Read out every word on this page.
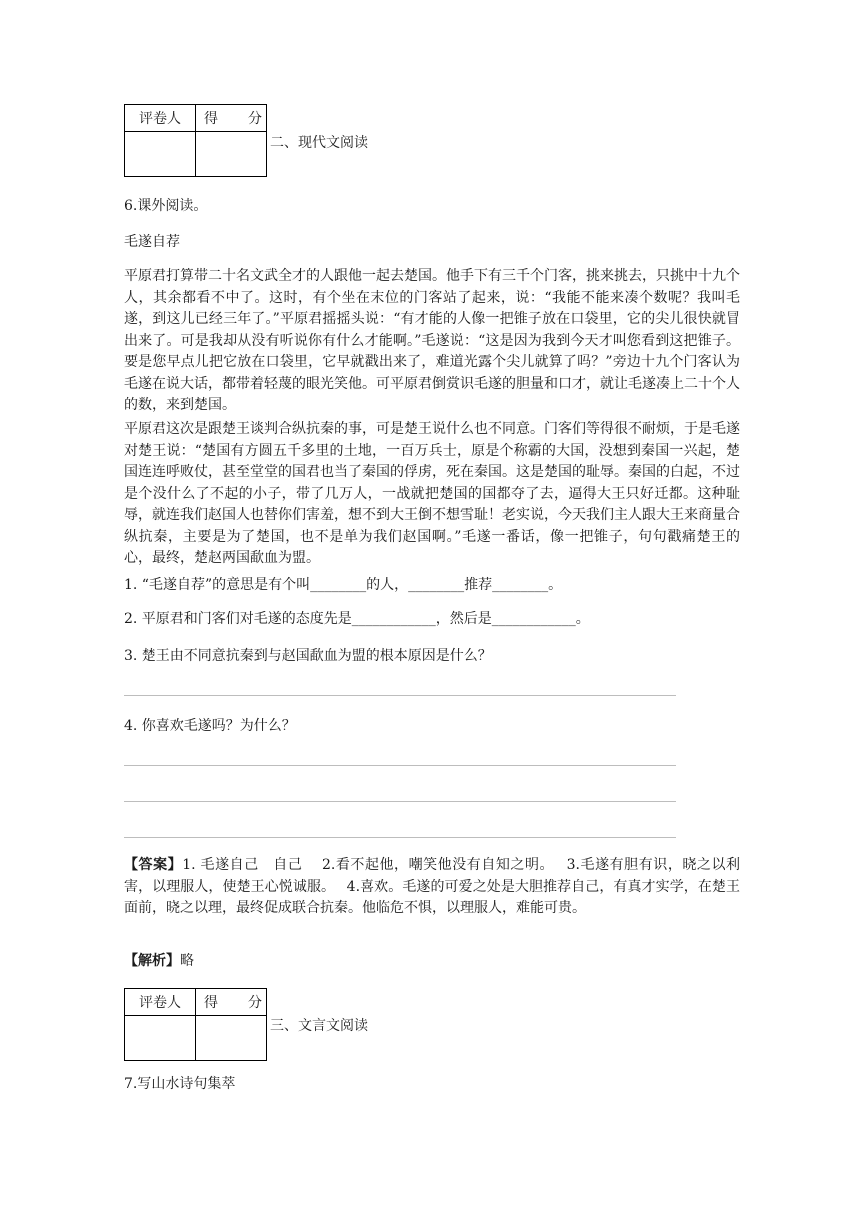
评卷人	得 分

二、现代文阅读
6.课外阅读。
毛遂自荐

平原君打算带二十名文武全才的人跟他一起去楚国。他手下有三千个门客，挑来挑去，只挑中十九个人，其余都看不中了。这时，有个坐在末位的门客站了起来，说：“我能不能来凑个数呢？我叫毛遂，到这儿已经三年了。”平原君摇摇头说：“有才能的人像一把锥子放在口袋里，它的尖儿很快就冒出来了。可是我却从没有听说你有什么才能啊。”毛遂说：“这是因为我到今天才叫您看到这把锥子。要是您早点儿把它放在口袋里，它早就戳出来了，难道光露个尖儿就算了吗？”旁边十九个门客认为毛遂在说大话，都带着轻蔑的眼光笑他。可平原君倒赏识毛遂的胆量和口才，就让毛遂凑上二十个人的数，来到楚国。

平原君这次是跟楚王谈判合纵抗秦的事，可是楚王说什么也不同意。门客们等得很不耐烦，于是毛遂对楚王说：“楚国有方圆五千多里的土地，一百万兵士，原是个称霸的大国，没想到秦国一兴起，楚国连连呼败仗，甚至堂堂的国君也当了秦国的俘虏，死在秦国。这是楚国的耻辱。秦国的白起，不过是个没什么了不起的小子，带了几万人，一战就把楚国的国都夺了去，逼得大王只好迁都。这种耻辱，就连我们赵国人也替你们害羞，想不到大王倒不想雪耻！老实说，今天我们主人跟大王来商量合纵抗秦，主要是为了楚国，也不是单为我们赵国啊。”毛遂一番话，像一把锥子，句句戳痛楚王的心，最终，楚赵两国歃血为盟。

1. “毛遂自荐”的意思是有个叫________的人，________推荐________。
2. 平原君和门客们对毛遂的态度先是____________，然后是____________。
3. 楚王由不同意抗秦到与赵国歃血为盟的根本原因是什么？
4. 你喜欢毛遂吗？为什么？

【答案】1. 毛遂自己　自己　 2.看不起他，嘲笑他没有自知之明。　 3.毛遂有胆有识，晓之以利害，以理服人，使楚王心悦诚服。　 4.喜欢。毛遂的可爱之处是大胆推荐自己，有真才实学，在楚王面前，晓之以理，最终促成联合抗秦。他临危不惧，以理服人，难能可贵。

【解析】略
评卷人	得 分

三、文言文阅读
7.写山水诗句集萃
